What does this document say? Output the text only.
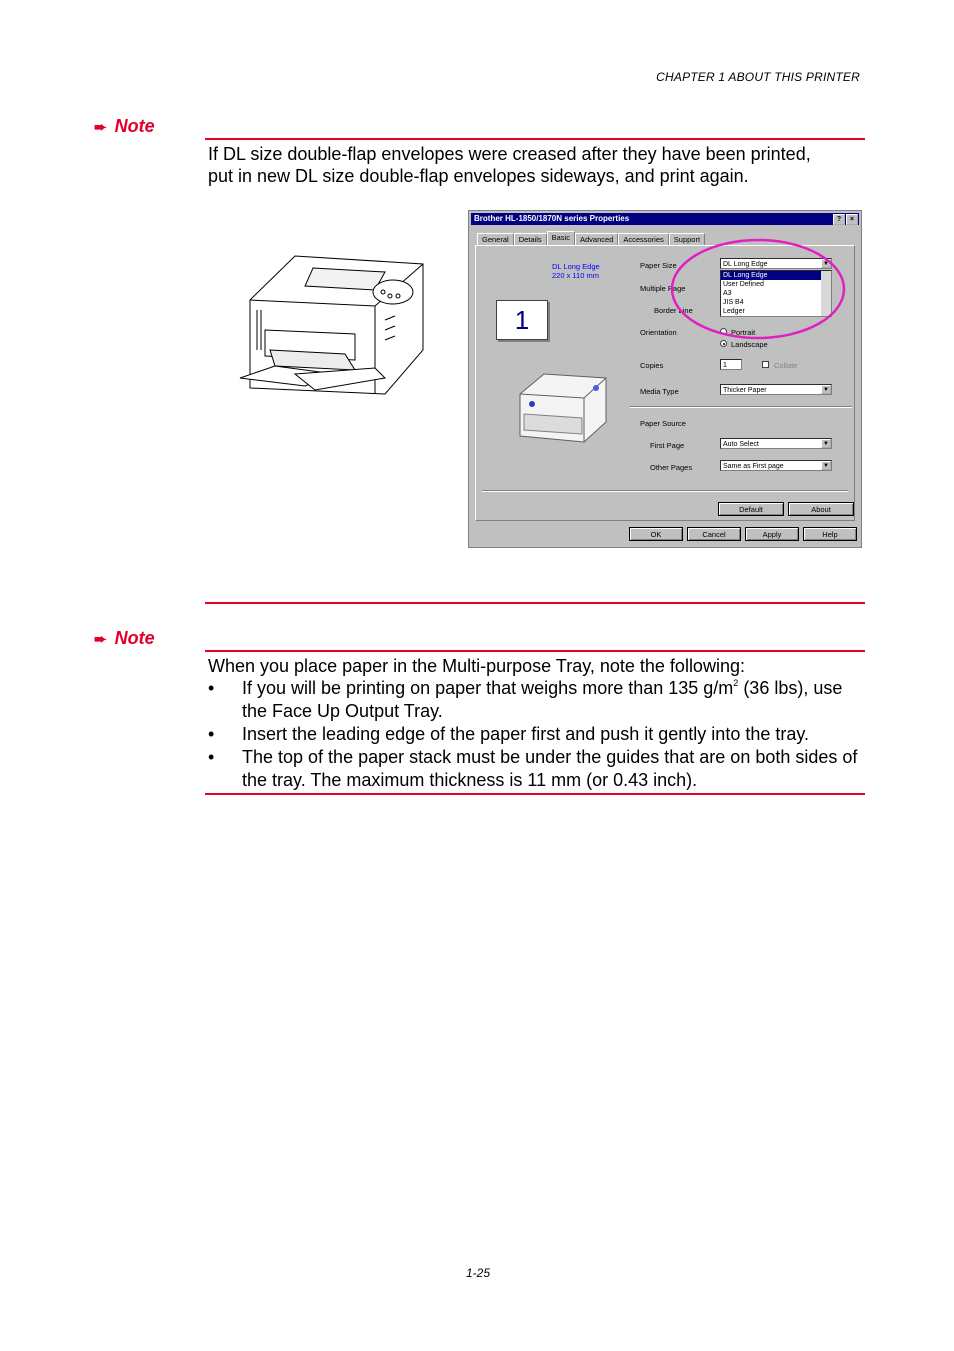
CHAPTER 1 ABOUT THIS PRINTER
➨ Note
If DL size double-flap envelopes were creased after they have been printed,
put in new DL size double-flap envelopes sideways, and print again.
Brother HL-1850/1870N series Properties	?	×
General	Details	Basic	Advanced	Accessories	Support
1
DL Long Edge
220 x 110 mm
Paper Size	DL Long Edge	▼
DL Long Edge
User Defined
A3
JIS B4
Ledger
Multiple Page
Border Line
Orientation	Portrait
Landscape
Copies	1	Collate
Media Type	Thicker Paper	▼
Paper Source
First Page	Auto Select	▼
Other Pages	Same as First page	▼
Default	About
OK	Cancel	Apply	Help
➨ Note
When you place paper in the Multi-purpose Tray, note the following:
• If you will be printing on paper that weighs more than 135 $g/m^2$ (36 lbs), use the Face Up Output Tray.
• Insert the leading edge of the paper first and push it gently into the tray.
• The top of the paper stack must be under the guides that are on both sides of the tray. The maximum thickness is 11 mm (or 0.43 inch).
1-25
